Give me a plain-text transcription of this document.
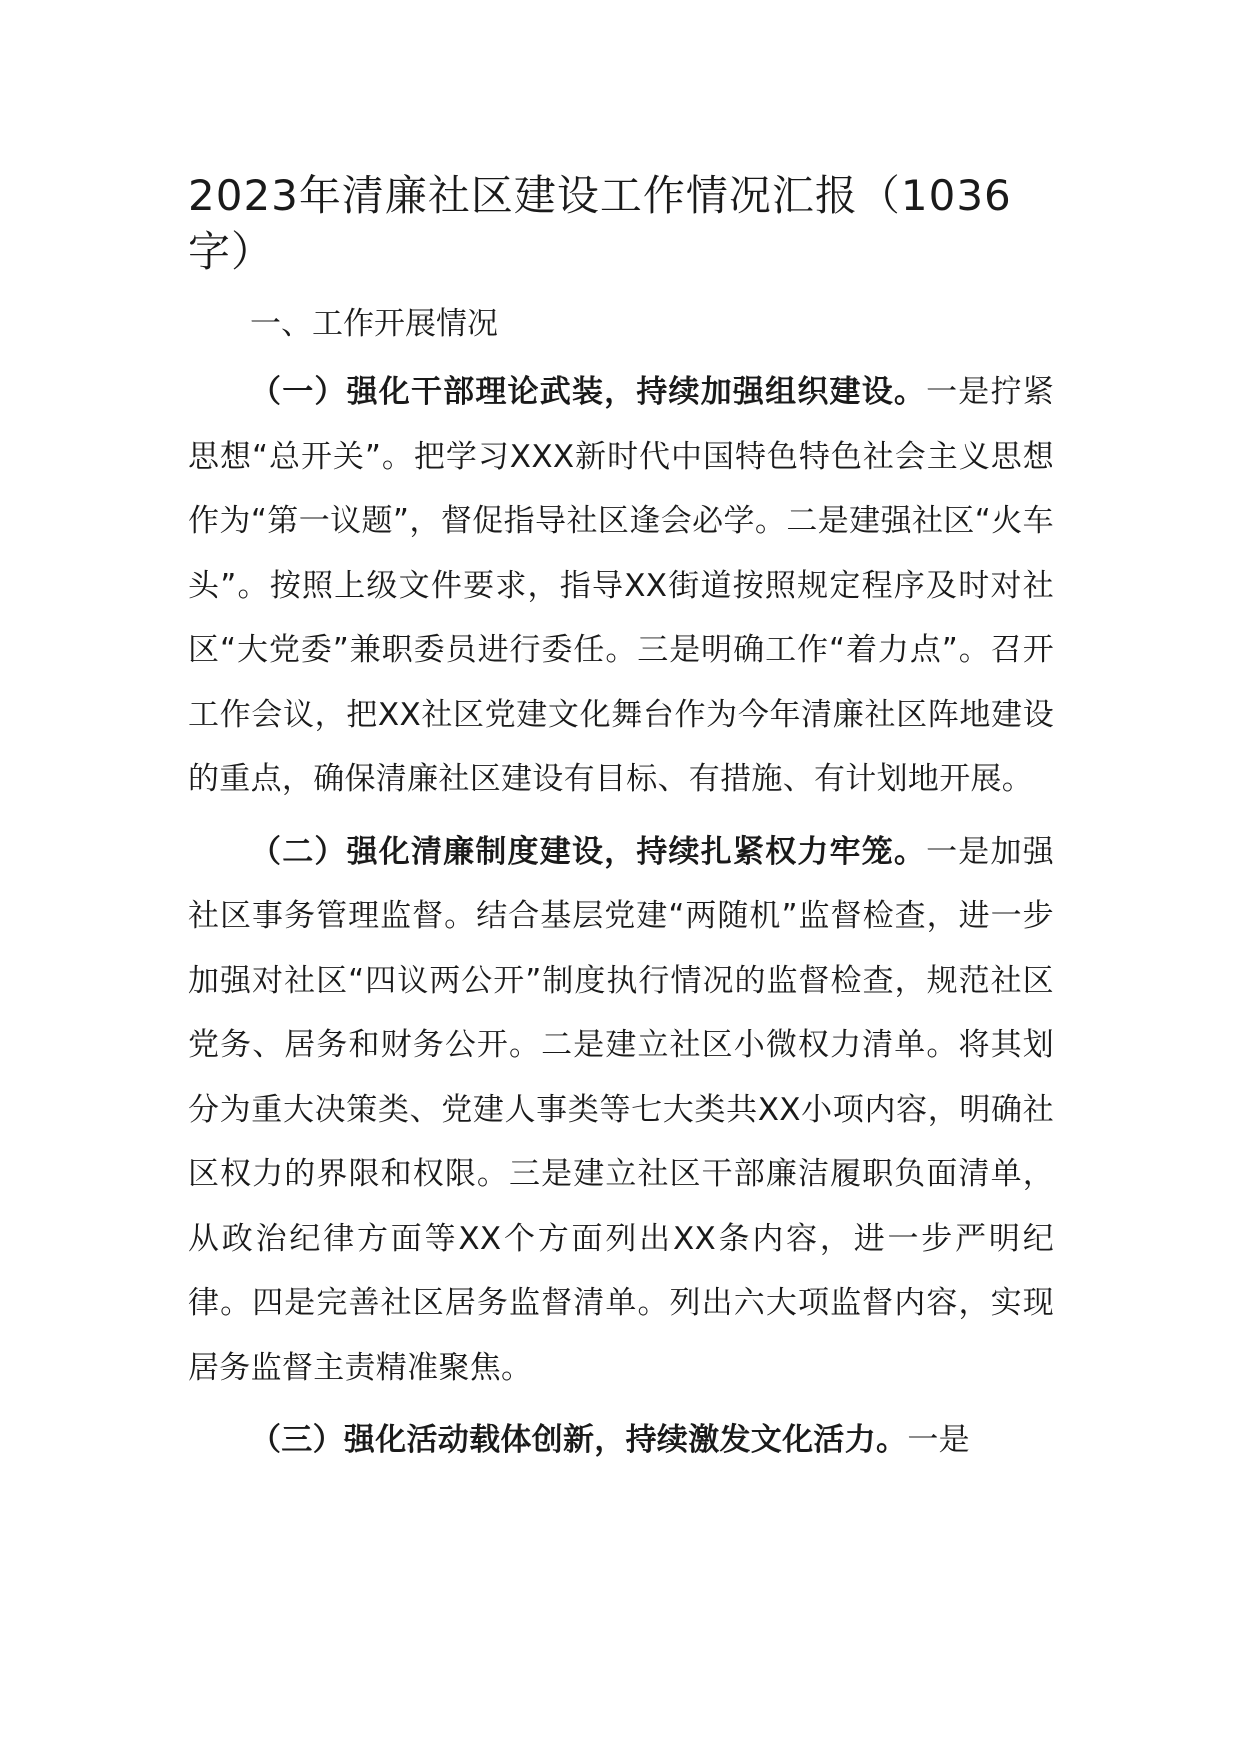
2023年清廉社区建设工作情况汇报（1036字）

一、工作开展情况

（一）强化干部理论武装，持续加强组织建设。一是拧紧思想“总开关”。把学习XXX新时代中国特色特色社会主义思想作为“第一议题”，督促指导社区逢会必学。二是建强社区“火车头”。按照上级文件要求，指导XX街道按照规定程序及时对社区“大党委”兼职委员进行委任。三是明确工作“着力点”。召开工作会议，把XX社区党建文化舞台作为今年清廉社区阵地建设的重点，确保清廉社区建设有目标、有措施、有计划地开展。

（二）强化清廉制度建设，持续扎紧权力牢笼。一是加强社区事务管理监督。结合基层党建“两随机”监督检查，进一步加强对社区“四议两公开”制度执行情况的监督检查，规范社区党务、居务和财务公开。二是建立社区小微权力清单。将其划分为重大决策类、党建人事类等七大类共XX小项内容，明确社区权力的界限和权限。三是建立社区干部廉洁履职负面清单，从政治纪律方面等XX个方面列出XX条内容，进一步严明纪律。四是完善社区居务监督清单。列出六大项监督内容，实现居务监督主责精准聚焦。

（三）强化活动载体创新，持续激发文化活力。一是
